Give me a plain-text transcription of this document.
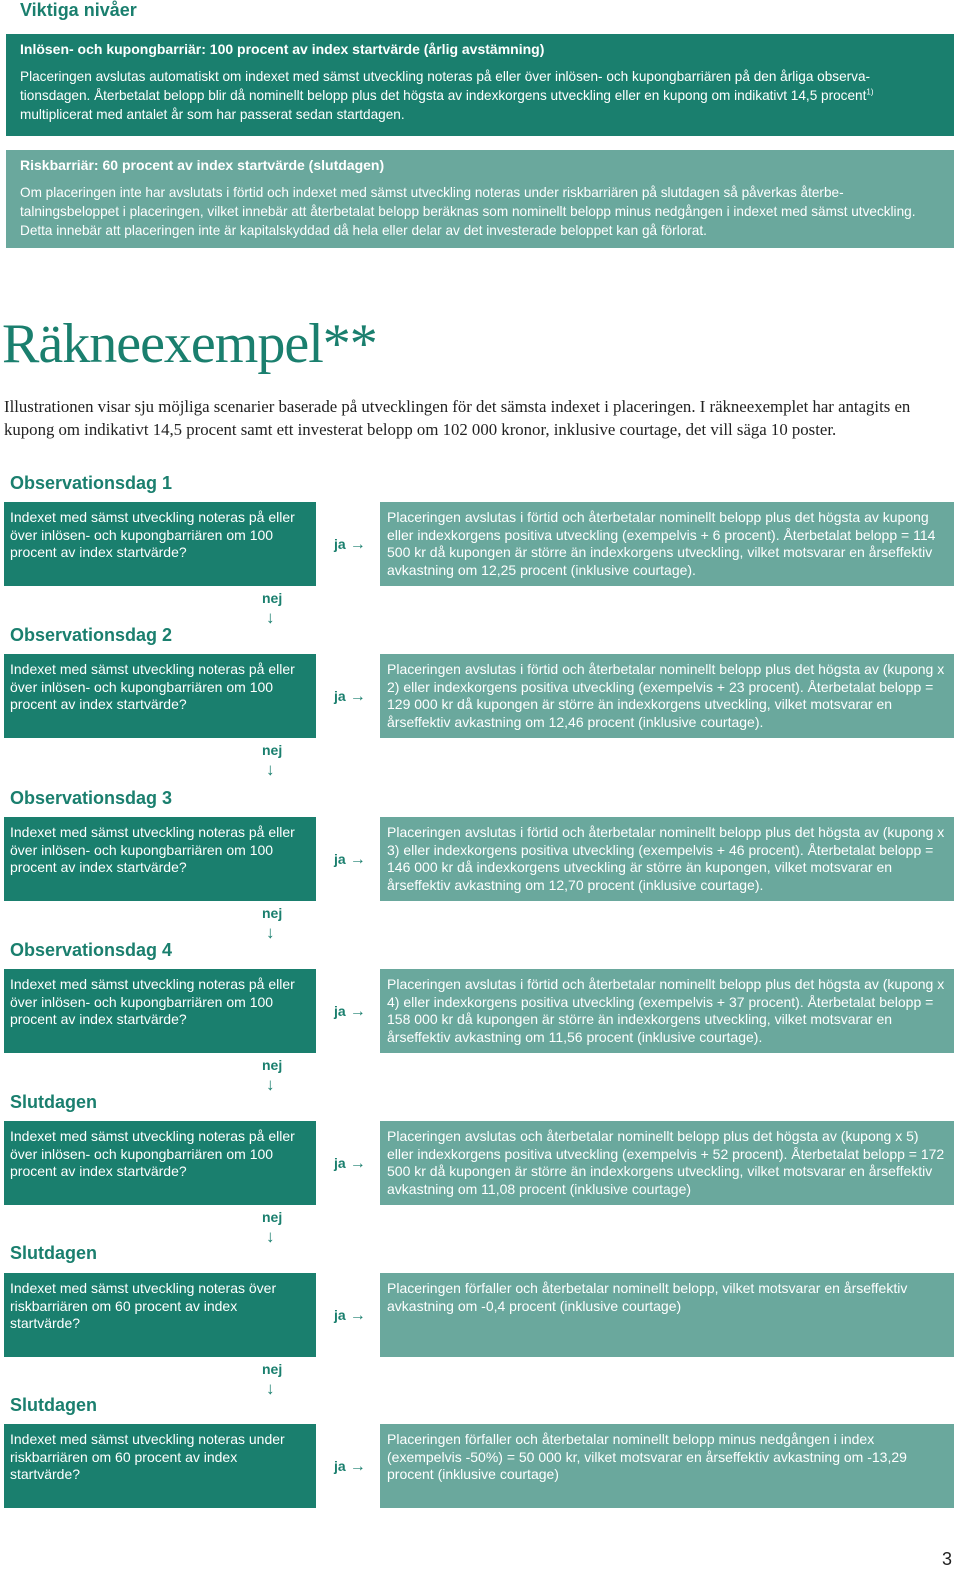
Viktiga nivåer
Inlösen- och kupongbarriär: 100 procent av index startvärde (årlig avstämning)
Placeringen avslutas automatiskt om indexet med sämst utveckling noteras på eller över inlösen- och kupongbarriären på den årliga observa-
tionsdagen. Återbetalat belopp blir då nominellt belopp plus det högsta av indexkorgens utveckling eller en kupong om indikativt 14,5 procent$^{1)}$
multiplicerat med antalet år som har passerat sedan startdagen.
Riskbarriär: 60 procent av index startvärde (slutdagen)
Om placeringen inte har avslutats i förtid och indexet med sämst utveckling noteras under riskbarriären på slutdagen så påverkas återbe-talningsbeloppet i placeringen, vilket innebär att återbetalat belopp beräknas som nominellt belopp minus nedgången i indexet med sämst utveckling. Detta innebär att placeringen inte är kapitalskyddad då hela eller delar av det investerade beloppet kan gå förlorat.
Räkneexempel**
Illustrationen visar sju möjliga scenarier baserade på utvecklingen för det sämsta indexet i placeringen. I räkneexemplet har antagits en kupong om indikativt 14,5 procent samt ett investerat belopp om 102 000 kronor, inklusive courtage, det vill säga 10 poster.
Observationsdag 1
Indexet med sämst utveckling noteras på eller över inlösen- och kupongbarriären om 100 procent av index startvärde?	ja →
Placeringen avslutas i förtid och återbetalar nominellt belopp plus det högsta av kupong eller indexkorgens positiva utveckling (exempelvis + 6 procent). Återbetalat belopp = 114 500 kr då kupongen är större än indexkorgens utveckling, vilket motsvarar en årseffektiv avkastning om 12,25 procent (inklusive courtage).
nej
↓
Observationsdag 2
Indexet med sämst utveckling noteras på eller över inlösen- och kupongbarriären om 100 procent av index startvärde?	ja →
Placeringen avslutas i förtid och återbetalar nominellt belopp plus det högsta av (kupong x 2) eller indexkorgens positiva utveckling (exempelvis + 23 procent). Återbetalat belopp = 129 000 kr då kupongen är större än indexkorgens utveckling, vilket motsvarar en årseffektiv avkastning om 12,46 procent (inklusive courtage).
nej
↓
Observationsdag 3
Indexet med sämst utveckling noteras på eller över inlösen- och kupongbarriären om 100 procent av index startvärde?	ja →
Placeringen avslutas i förtid och återbetalar nominellt belopp plus det högsta av (kupong x 3) eller indexkorgens positiva utveckling (exempelvis + 46 procent). Återbetalat belopp = 146 000 kr då indexkorgens utveckling är större än kupongen, vilket motsvarar en årseffektiv avkastning om 12,70 procent (inklusive courtage).
nej
↓
Observationsdag 4
Indexet med sämst utveckling noteras på eller över inlösen- och kupongbarriären om 100 procent av index startvärde?	ja →
Placeringen avslutas i förtid och återbetalar nominellt belopp plus det högsta av (kupong x 4) eller indexkorgens positiva utveckling (exempelvis + 37 procent). Återbetalat belopp = 158 000 kr då kupongen är större än indexkorgens utveckling, vilket motsvarar en årseffektiv avkastning om 11,56 procent (inklusive courtage).
nej
↓
Slutdagen
Indexet med sämst utveckling noteras på eller över inlösen- och kupongbarriären om 100 procent av index startvärde?	ja →
Placeringen avslutas och återbetalar nominellt belopp plus det högsta av (kupong x 5) eller indexkorgens positiva utveckling (exempelvis + 52 procent). Återbetalat belopp = 172 500 kr då kupongen är större än indexkorgens utveckling, vilket motsvarar en årseffektiv avkastning om 11,08 procent (inklusive courtage)
nej
↓
Slutdagen
Indexet med sämst utveckling noteras över riskbarriären om 60 procent av index startvärde?	ja →
Placeringen förfaller och återbetalar nominellt belopp, vilket motsvarar en årseffektiv avkastning om -0,4 procent (inklusive courtage)
nej
↓
Slutdagen
Indexet med sämst utveckling noteras under riskbarriären om 60 procent av index startvärde?	ja →
Placeringen förfaller och återbetalar nominellt belopp minus nedgången i index (exempelvis -50%) = 50 000 kr, vilket motsvarar en årseffektiv avkastning om -13,29 procent (inklusive courtage)
3
